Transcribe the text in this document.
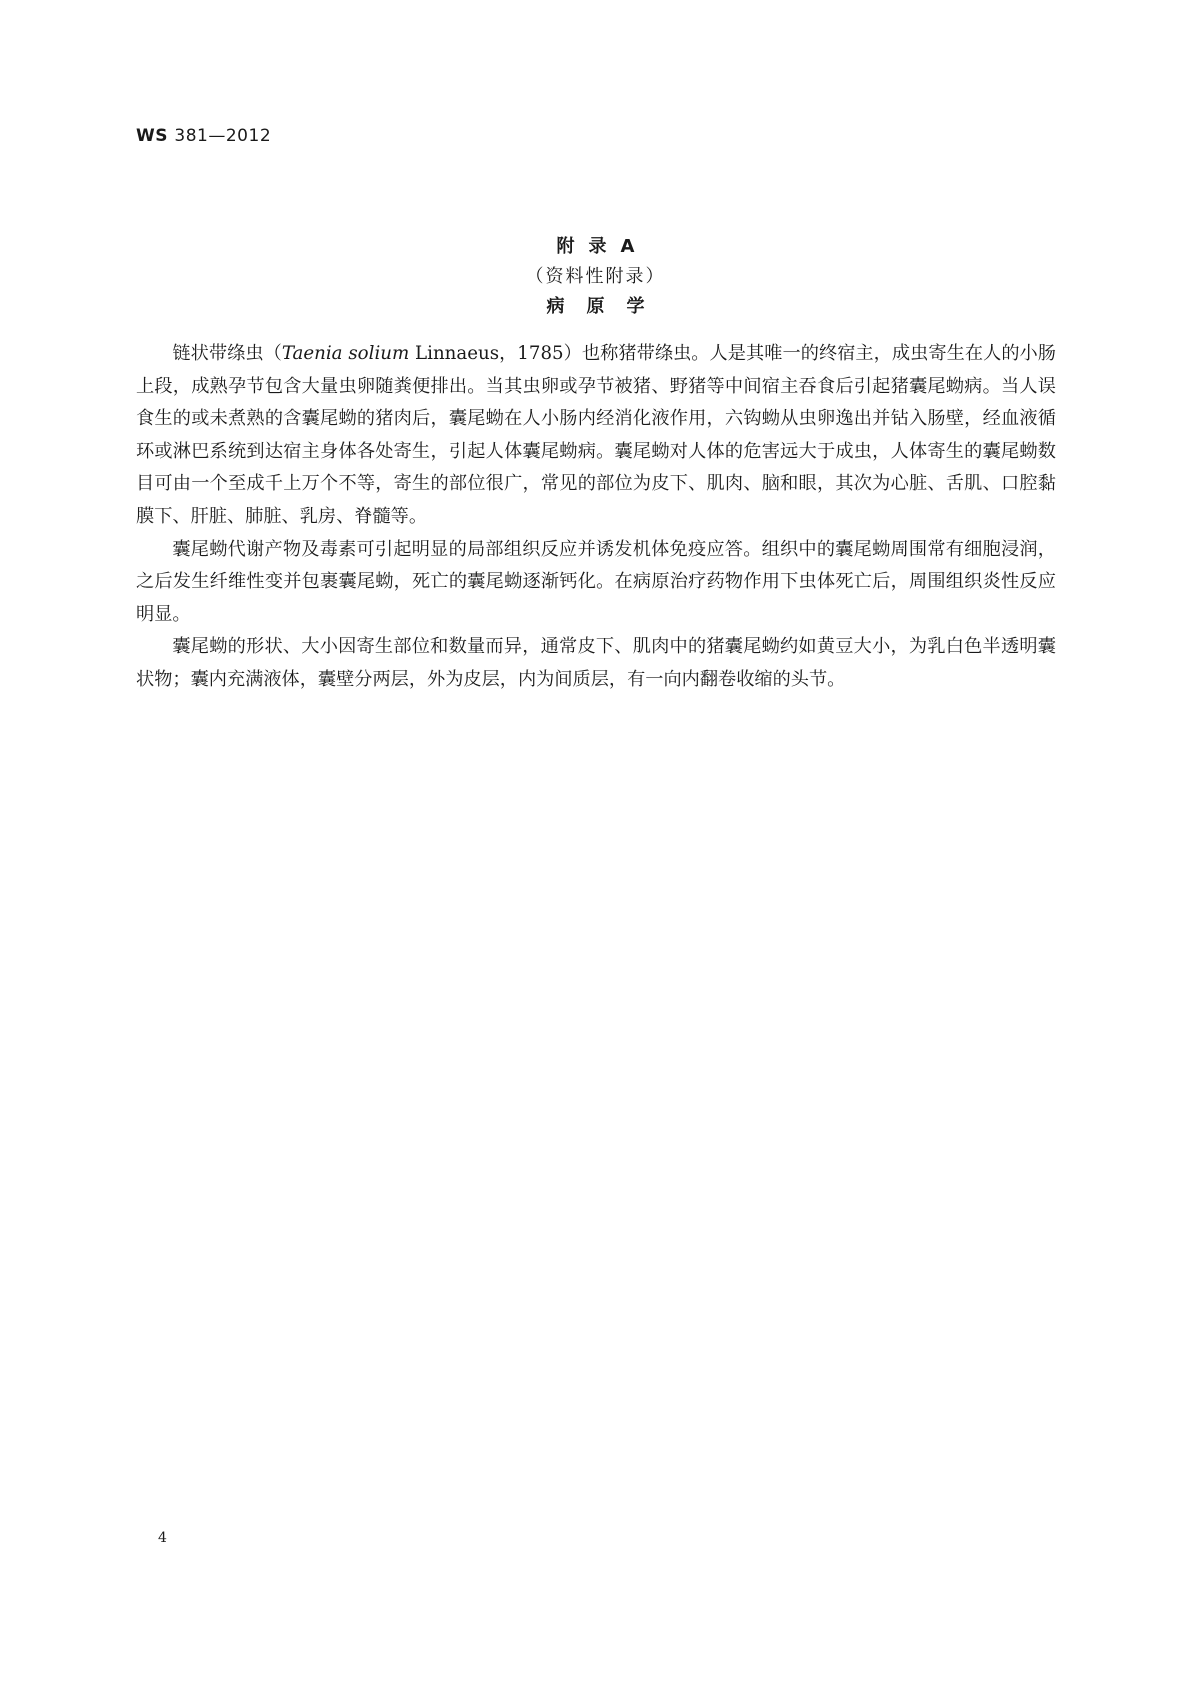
WS 381—2012
附录A
（资料性附录）
病原学

链状带绦虫（Taenia solium Linnaeus，1785）也称猪带绦虫。人是其唯一的终宿主，成虫寄生在人的小肠上段，成熟孕节包含大量虫卵随粪便排出。当其虫卵或孕节被猪、野猪等中间宿主吞食后引起猪囊尾蚴病。当人误食生的或未煮熟的含囊尾蚴的猪肉后，囊尾蚴在人小肠内经消化液作用，六钩蚴从虫卵逸出并钻入肠壁，经血液循环或淋巴系统到达宿主身体各处寄生，引起人体囊尾蚴病。囊尾蚴对人体的危害远大于成虫，人体寄生的囊尾蚴数目可由一个至成千上万个不等，寄生的部位很广，常见的部位为皮下、肌肉、脑和眼，其次为心脏、舌肌、口腔黏膜下、肝脏、肺脏、乳房、脊髓等。

囊尾蚴代谢产物及毒素可引起明显的局部组织反应并诱发机体免疫应答。组织中的囊尾蚴周围常有细胞浸润，之后发生纤维性变并包裹囊尾蚴，死亡的囊尾蚴逐渐钙化。在病原治疗药物作用下虫体死亡后，周围组织炎性反应明显。

囊尾蚴的形状、大小因寄生部位和数量而异，通常皮下、肌肉中的猪囊尾蚴约如黄豆大小，为乳白色半透明囊状物；囊内充满液体，囊壁分两层，外为皮层，内为间质层，有一向内翻卷收缩的头节。

4
